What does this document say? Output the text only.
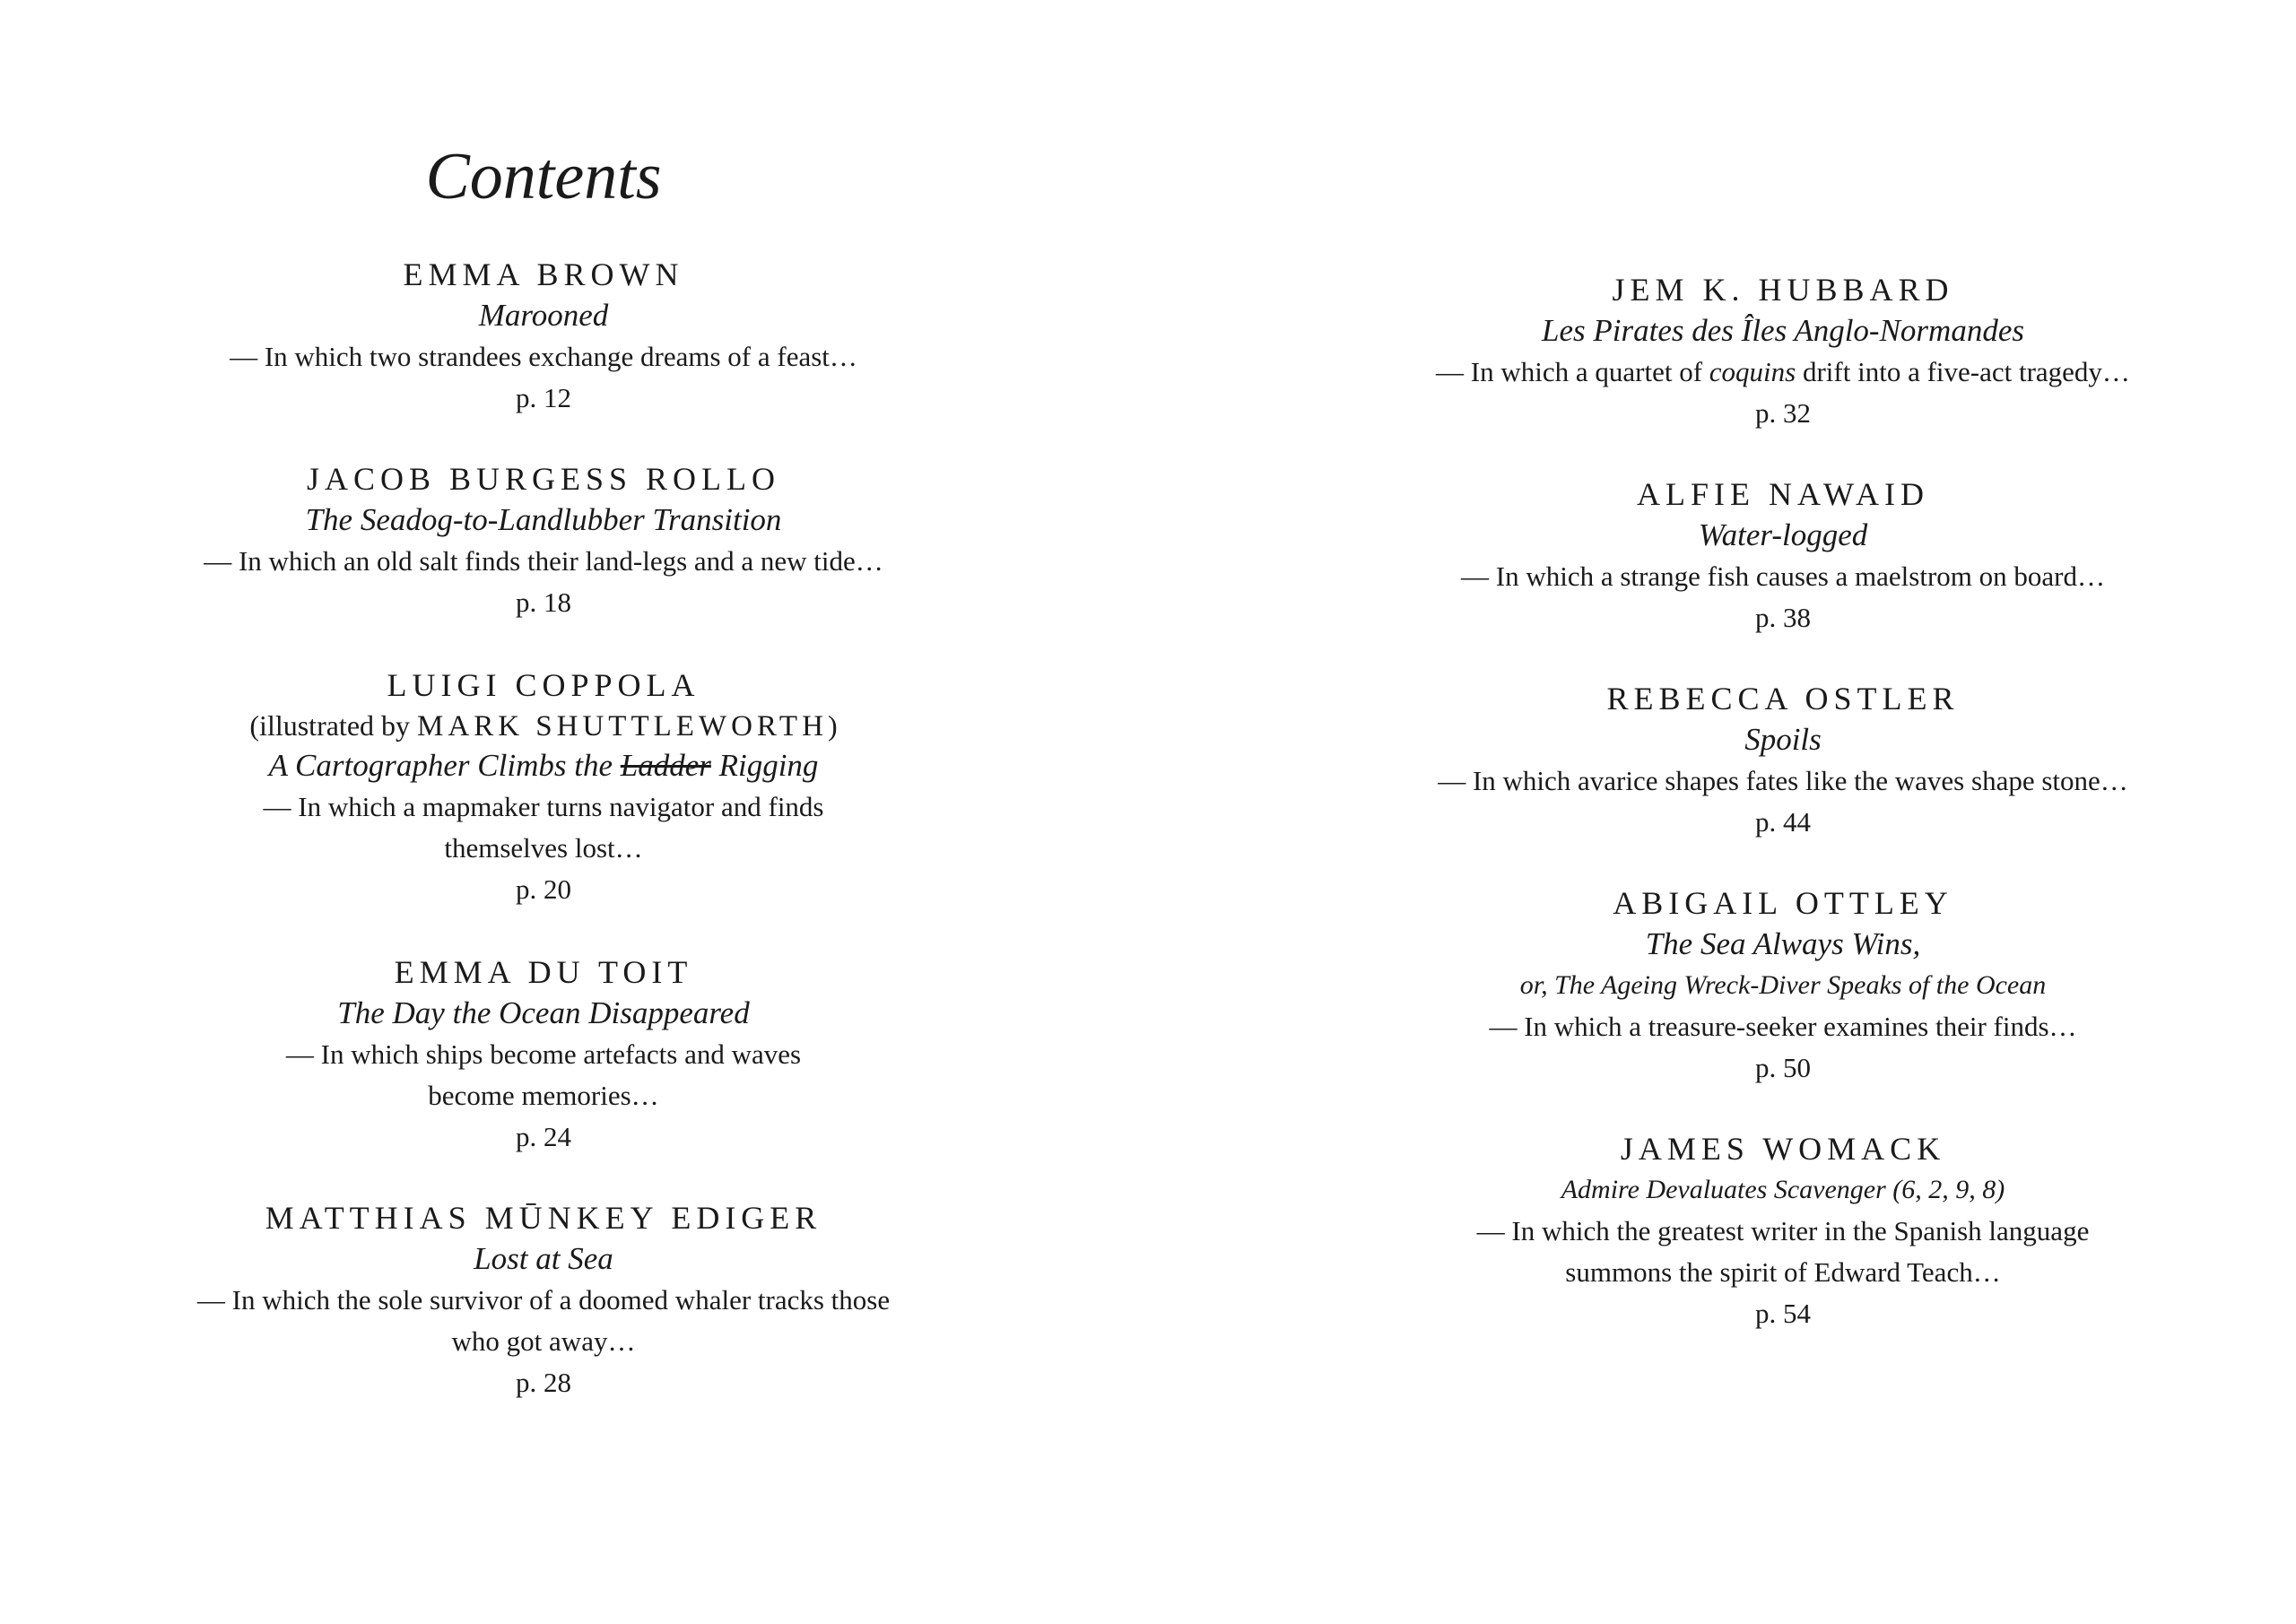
Contents
EMMA BROWN
Marooned
— In which two strandees exchange dreams of a feast…
p. 12
JACOB BURGESS ROLLO
The Seadog-to-Landlubber Transition
— In which an old salt finds their land-legs and a new tide…
p. 18
LUIGI COPPOLA
(illustrated by MARK SHUTTLEWORTH)
A Cartographer Climbs the Ladder Rigging
— In which a mapmaker turns navigator and finds
themselves lost…
p. 20
EMMA DU TOIT
The Day the Ocean Disappeared
— In which ships become artefacts and waves
become memories…
p. 24
MATTHIAS MŪNKEY EDIGER
Lost at Sea
— In which the sole survivor of a doomed whaler tracks those
who got away…
p. 28
JEM K. HUBBARD
Les Pirates des Îles Anglo-Normandes
— In which a quartet of coquins drift into a five-act tragedy…
p. 32
ALFIE NAWAID
Water-logged
— In which a strange fish causes a maelstrom on board…
p. 38
REBECCA OSTLER
Spoils
— In which avarice shapes fates like the waves shape stone…
p. 44
ABIGAIL OTTLEY
The Sea Always Wins,
or, The Ageing Wreck-Diver Speaks of the Ocean
— In which a treasure-seeker examines their finds…
p. 50
JAMES WOMACK
Admire Devaluates Scavenger (6, 2, 9, 8)
— In which the greatest writer in the Spanish language
summons the spirit of Edward Teach…
p. 54
